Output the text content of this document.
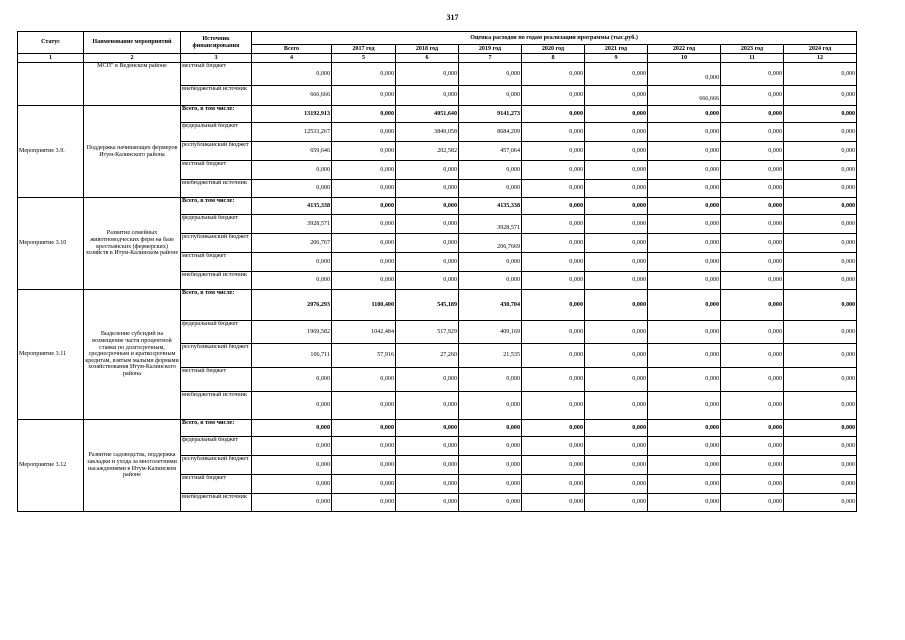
317
Статус	Наименование мероприятий	Источник финансирования	Оценка расходов по годам реализации программы (тыс.руб.)								
			Всего	2017 год	2018 год	2019 год	2020 год	2021 год	2022 год	2023 год	2024 год
1	2	3	4	5	6	7	8	9	10	11	12
	МСП" в Веденском районе	местный бюджет	0,000	0,000	0,000	0,000	0,000	0,000	0,000	0,000	0,000
		внебюджетный источник	666,666	0,000	0,000	0,000	0,000	0,000	666,666	0,000	0,000
Мероприятие 3.9.	Поддержка начинающих фермеров Итум-Калинского района	Всего, в том числе:	13192,913	0,000	4051,640	9141,273	0,000	0,000	0,000	0,000	0,000
		федеральный бюджет	12533,267	0,000	3849,058	8684,209	0,000	0,000	0,000	0,000	0,000
		республиканский бюджет	659,646	0,000	202,582	457,064	0,000	0,000	0,000	0,000	0,000
		местный бюджет	0,000	0,000	0,000	0,000	0,000	0,000	0,000	0,000	0,000
		внебюджетный источник	0,000	0,000	0,000	0,000	0,000	0,000	0,000	0,000	0,000
Мероприятие 3.10	Развитие семейных животноводческих ферм на базе крестьянских (фермерских) хозяйств в Итум-Калинском районе	Всего, в том числе:	4135,338	0,000	0,000	4135,338	0,000	0,000	0,000	0,000	0,000
		федеральный бюджет	3928,571	0,000	0,000	3928,571	0,000	0,000	0,000	0,000	0,000
		республиканский бюджет	206,767	0,000	0,000	206,7669	0,000	0,000	0,000	0,000	0,000
		местный бюджет	0,000	0,000	0,000	0,000	0,000	0,000	0,000	0,000	0,000
		внебюджетный источник	0,000	0,000	0,000	0,000	0,000	0,000	0,000	0,000	0,000
Мероприятие 3.11	Выделение субсидий на возмещение части процентной ставки по долгосрочным, среднесрочным и краткосрочным кредитам, взятым малыми формами хозяйствования Итум-Калинского района	Всего, в том числе:	2076,293	1100,400	545,189	430,704	0,000	0,000	0,000	0,000	0,000
		федеральный бюджет	1969,582	1042,484	517,929	409,169	0,000	0,000	0,000	0,000	0,000
		республиканский бюджет	106,711	57,916	27,260	21,535	0,000	0,000	0,000	0,000	0,000
		местный бюджет	0,000	0,000	0,000	0,000	0,000	0,000	0,000	0,000	0,000
		внебюджетный источник	0,000	0,000	0,000	0,000	0,000	0,000	0,000	0,000	0,000
Мероприятие 3.12	Развитие садоводства, поддержка закладки и ухода за многолетними насаждениями в Итум-Калинском районе	Всего, в том числе:	0,000	0,000	0,000	0,000	0,000	0,000	0,000	0,000	0,000
		федеральный бюджет	0,000	0,000	0,000	0,000	0,000	0,000	0,000	0,000	0,000
		республиканский бюджет	0,000	0,000	0,000	0,000	0,000	0,000	0,000	0,000	0,000
		местный бюджет	0,000	0,000	0,000	0,000	0,000	0,000	0,000	0,000	0,000
		внебюджетный источник	0,000	0,000	0,000	0,000	0,000	0,000	0,000	0,000	0,000
